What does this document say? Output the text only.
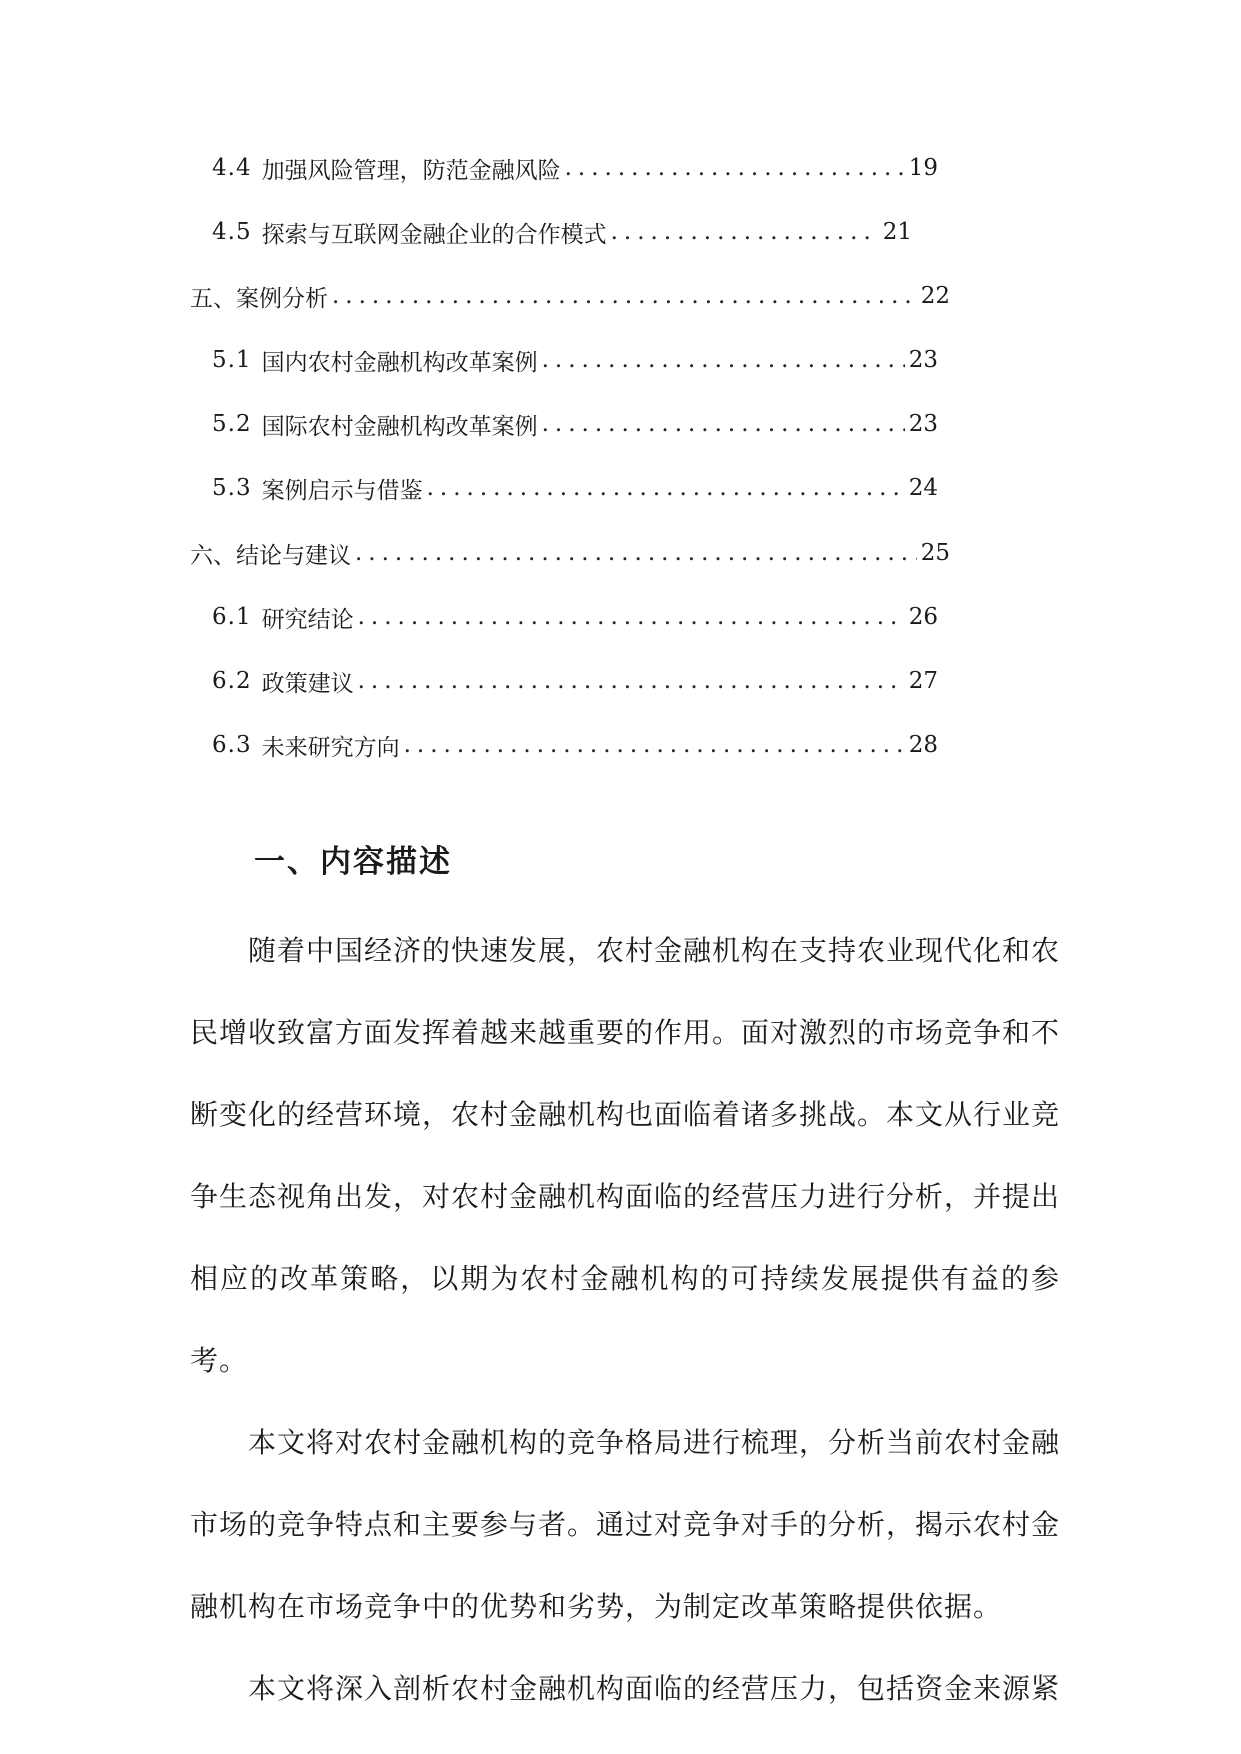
4.4 加强风险管理，防范金融风险 .....	19
4.5 探索与互联网金融企业的合作模式 .....	21
五、案例分析 .....	22
5.1 国内农村金融机构改革案例 .....	23
5.2 国际农村金融机构改革案例 .....	23
5.3 案例启示与借鉴 .....	24
六、结论与建议 .....	25
6.1 研究结论 .....	26
6.2 政策建议 .....	27
6.3 未来研究方向 .....	28
一、内容描述

随着中国经济的快速发展，农村金融机构在支持农业现代化和农民增收致富方面发挥着越来越重要的作用。面对激烈的市场竞争和不断变化的经营环境，农村金融机构也面临着诸多挑战。本文从行业竞争生态视角出发，对农村金融机构面临的经营压力进行分析，并提出相应的改革策略，以期为农村金融机构的可持续发展提供有益的参考。

本文将对农村金融机构的竞争格局进行梳理，分析当前农村金融市场的竞争特点和主要参与者。通过对竞争对手的分析，揭示农村金融机构在市场竞争中的优势和劣势，为制定改革策略提供依据。

本文将深入剖析农村金融机构面临的经营压力，包括资金来源紧
